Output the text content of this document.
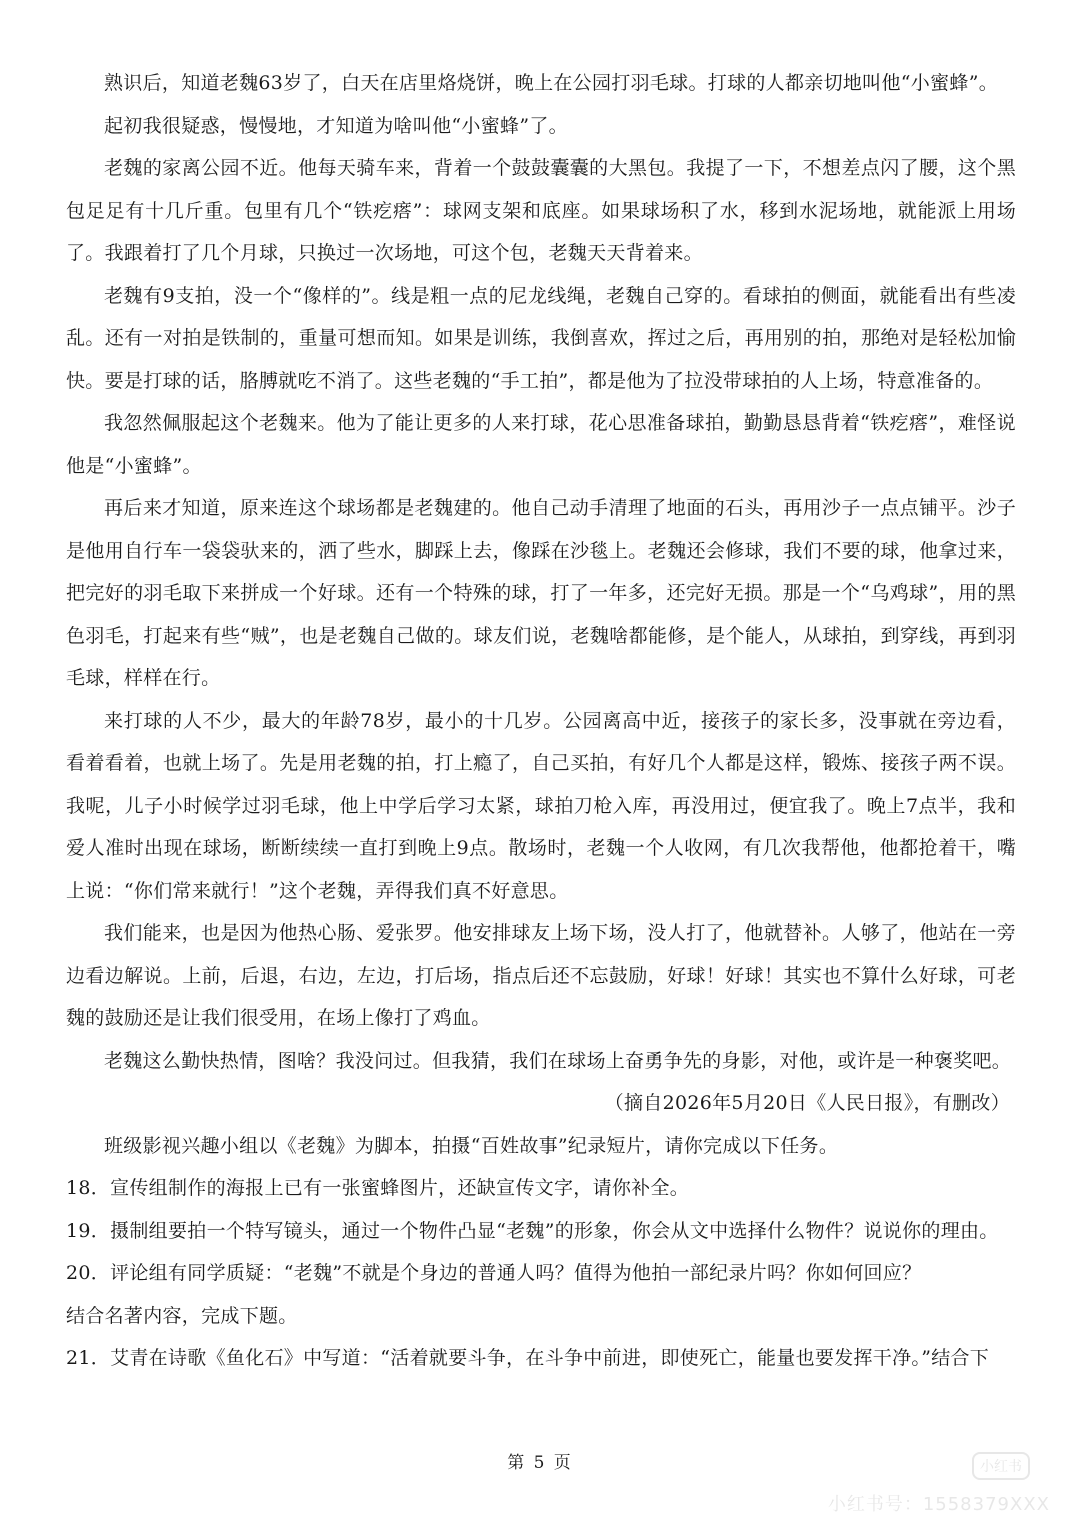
熟识后，知道老魏63岁了，白天在店里烙烧饼，晚上在公园打羽毛球。打球的人都亲切地叫他“小蜜蜂”。

起初我很疑惑，慢慢地，才知道为啥叫他“小蜜蜂”了。

老魏的家离公园不近。他每天骑车来，背着一个鼓鼓囊囊的大黑包。我提了一下，不想差点闪了腰，这个黑包足足有十几斤重。包里有几个“铁疙瘩”：球网支架和底座。如果球场积了水，移到水泥场地，就能派上用场了。我跟着打了几个月球，只换过一次场地，可这个包，老魏天天背着来。

老魏有9支拍，没一个“像样的”。线是粗一点的尼龙线绳，老魏自己穿的。看球拍的侧面，就能看出有些凌乱。还有一对拍是铁制的，重量可想而知。如果是训练，我倒喜欢，挥过之后，再用别的拍，那绝对是轻松加愉快。要是打球的话，胳膊就吃不消了。这些老魏的“手工拍”，都是他为了拉没带球拍的人上场，特意准备的。

我忽然佩服起这个老魏来。他为了能让更多的人来打球，花心思准备球拍，勤勤恳恳背着“铁疙瘩”，难怪说他是“小蜜蜂”。

再后来才知道，原来连这个球场都是老魏建的。他自己动手清理了地面的石头，再用沙子一点点铺平。沙子是他用自行车一袋袋驮来的，洒了些水，脚踩上去，像踩在沙毯上。老魏还会修球，我们不要的球，他拿过来，把完好的羽毛取下来拼成一个好球。还有一个特殊的球，打了一年多，还完好无损。那是一个“乌鸡球”，用的黑色羽毛，打起来有些“贼”，也是老魏自己做的。球友们说，老魏啥都能修，是个能人，从球拍，到穿线，再到羽毛球，样样在行。

来打球的人不少，最大的年龄78岁，最小的十几岁。公园离高中近，接孩子的家长多，没事就在旁边看，看着看着，也就上场了。先是用老魏的拍，打上瘾了，自己买拍，有好几个人都是这样，锻炼、接孩子两不误。我呢，儿子小时候学过羽毛球，他上中学后学习太紧，球拍刀枪入库，再没用过，便宜我了。晚上7点半，我和爱人准时出现在球场，断断续续一直打到晚上9点。散场时，老魏一个人收网，有几次我帮他，他都抢着干，嘴上说：“你们常来就行！”这个老魏，弄得我们真不好意思。

我们能来，也是因为他热心肠、爱张罗。他安排球友上场下场，没人打了，他就替补。人够了，他站在一旁边看边解说。上前，后退，右边，左边，打后场，指点后还不忘鼓励，好球！好球！其实也不算什么好球，可老魏的鼓励还是让我们很受用，在场上像打了鸡血。

老魏这么勤快热情，图啥？我没问过。但我猜，我们在球场上奋勇争先的身影，对他，或许是一种褒奖吧。

（摘自2026年5月20日《人民日报》，有删改）

班级影视兴趣小组以《老魏》为脚本，拍摄“百姓故事”纪录短片，请你完成以下任务。

18．宣传组制作的海报上已有一张蜜蜂图片，还缺宣传文字，请你补全。

19．摄制组要拍一个特写镜头，通过一个物件凸显“老魏”的形象，你会从文中选择什么物件？说说你的理由。

20．评论组有同学质疑：“老魏”不就是个身边的普通人吗？值得为他拍一部纪录片吗？你如何回应？

结合名著内容，完成下题。

21．艾青在诗歌《鱼化石》中写道：“活着就要斗争，在斗争中前进，即使死亡，能量也要发挥干净。”结合下

第 5 页	小红书
小红书号：1558379XXX
